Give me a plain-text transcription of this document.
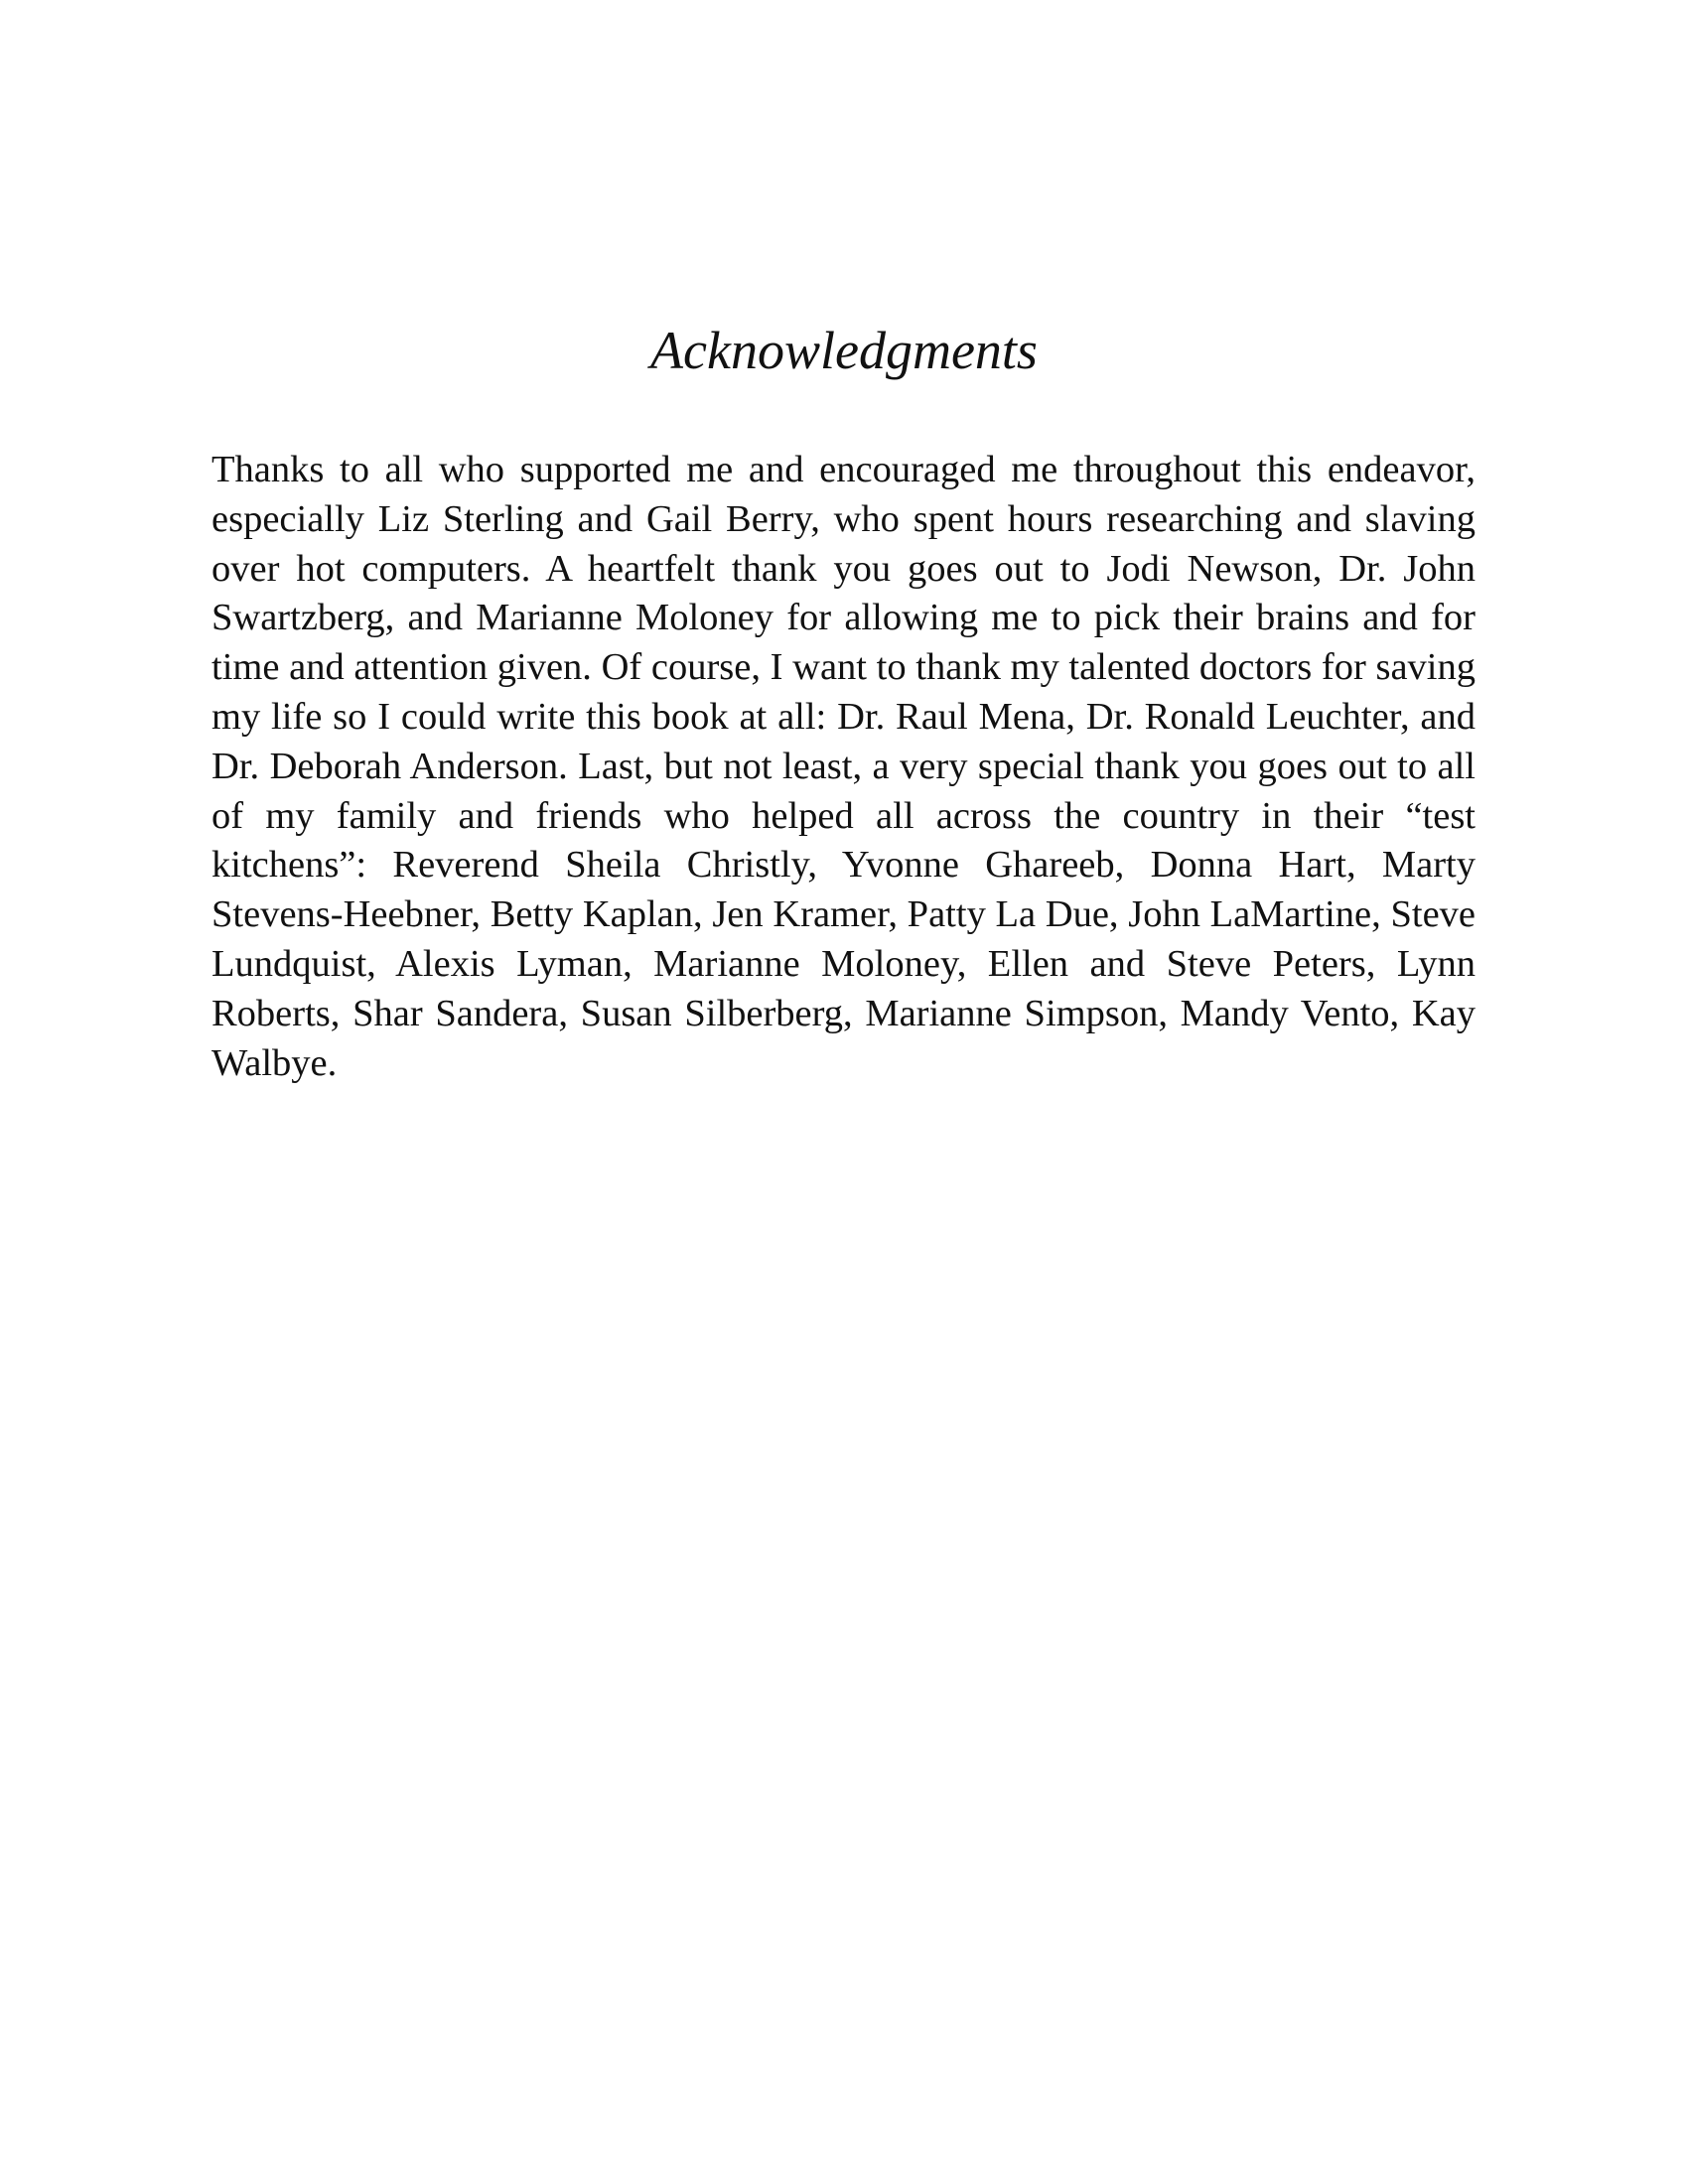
Acknowledgments

Thanks to all who supported me and encouraged me throughout this endeavor, especially Liz Sterling and Gail Berry, who spent hours researching and slaving over hot computers. A heartfelt thank you goes out to Jodi Newson, Dr. John Swartzberg, and Marianne Moloney for allowing me to pick their brains and for time and attention given. Of course, I want to thank my talented doctors for saving my life so I could write this book at all: Dr. Raul Mena, Dr. Ronald Leuchter, and Dr. Deborah Anderson. Last, but not least, a very special thank you goes out to all of my family and friends who helped all across the country in their “test kitchens”: Reverend Sheila Christly, Yvonne Ghareeb, Donna Hart, Marty Stevens-Heebner, Betty Kaplan, Jen Kramer, Patty La Due, John LaMartine, Steve Lundquist, Alexis Lyman, Marianne Moloney, Ellen and Steve Peters, Lynn Roberts, Shar Sandera, Susan Silberberg, Marianne Simpson, Mandy Vento, Kay Walbye.
